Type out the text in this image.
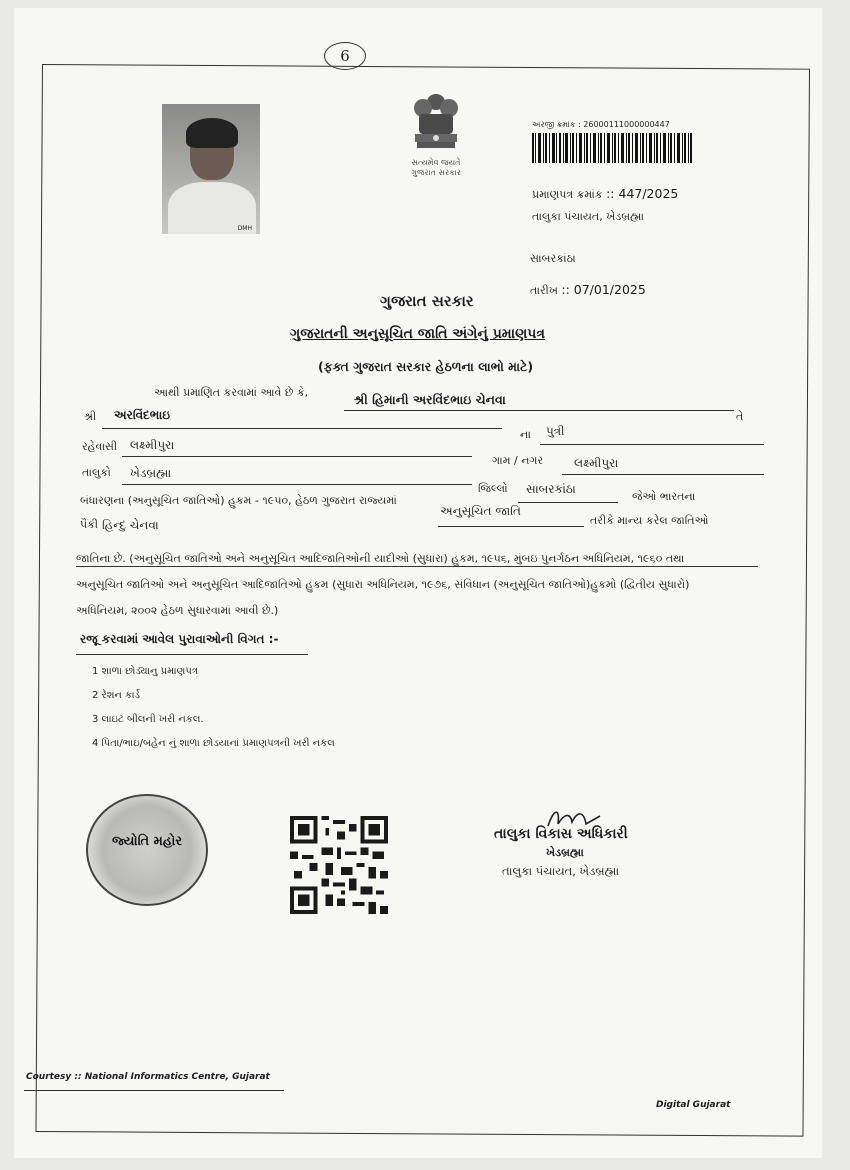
6
DMH
સત્યમેવ જયતે
ગુજરાત સરકાર
અરજી ક્રમાંક : 26000111000000447
પ્રમાણપત્ર ક્રમાંક :: 447/2025
તાલુકા પંચાયત, ખેડબ્રહ્મા
સાબરકાંઠા
તારીખ :: 07/01/2025
ગુજરાત સરકાર
ગુજરાતની અનુસૂચિત જાતિ અંગેનું પ્રમાણપત્ર
(ફક્ત ગુજરાત સરકાર હેઠળના લાભો માટે)
આથી પ્રમાણિત કરવામાં આવે છે કે,	શ્રી હિમાની અરવિંદભાઇ ચેનવા
તે
શ્રી અરવિંદભાઇ
ના પુત્રી
રહેવાસી લક્ષ્મીપુરા
ગામ / નગર	લક્ષ્મીપુરા
તાલુકો ખેડબ્રહ્મા
જિલ્લો સાબરકાંઠા
જેઓ ભારતના
બંધારણના (અનુસૂચિત જાતિઓ) હુકમ - ૧૯૫૦, હેઠળ ગુજરાત રાજ્યમાં
અનુસૂચિત જાતિ
તરીકે માન્ય કરેલ જાતિઓ
પૈકી હિન્દુ ચેનવા
જાતિના છે. (અનુસૂચિત જાતિઓ અને અનુસૂચિત આદિજાતિઓની યાદીઓ (સુધારા) હુકમ, ૧૯૫૬, મુંબઇ પુનર્ગઠન અધિનિયમ, ૧૯૬૦ તથા
અનુસૂચિત જાતિઓ અને અનુસૂચિત આદિજાતિઓ હુકમ (સુધારા અધિનિયમ, ૧૯૭૬, સંવિધાન (અનુસૂચિત જાતિઓ)હુકમો (દ્વિતીય સુધારો)
અધિનિયમ, ૨૦૦૨ હેઠળ સુધારવામાં આવી છે.)
રજૂ કરવામાં આવેલ પુરાવાઓની વિગત :-
1 શાળા છોડ્યાનુ પ્રમાણપત્ર
2 રેશન કાર્ડ
3 લાઇટ બીલની ખરી નકલ.
4 પિતા/ભાઇ/બહેન નું શાળા છોડયાનાં પ્રમાણપત્રની ખરી નકલ
જ્યોતિ મહોર	તાલુકા વિકાસ અધિકારી
ખેડબ્રહ્મા
તાલુકા પંચાયત, ખેડબ્રહ્મા
Courtesy :: National Informatics Centre, Gujarat
Digital Gujarat
